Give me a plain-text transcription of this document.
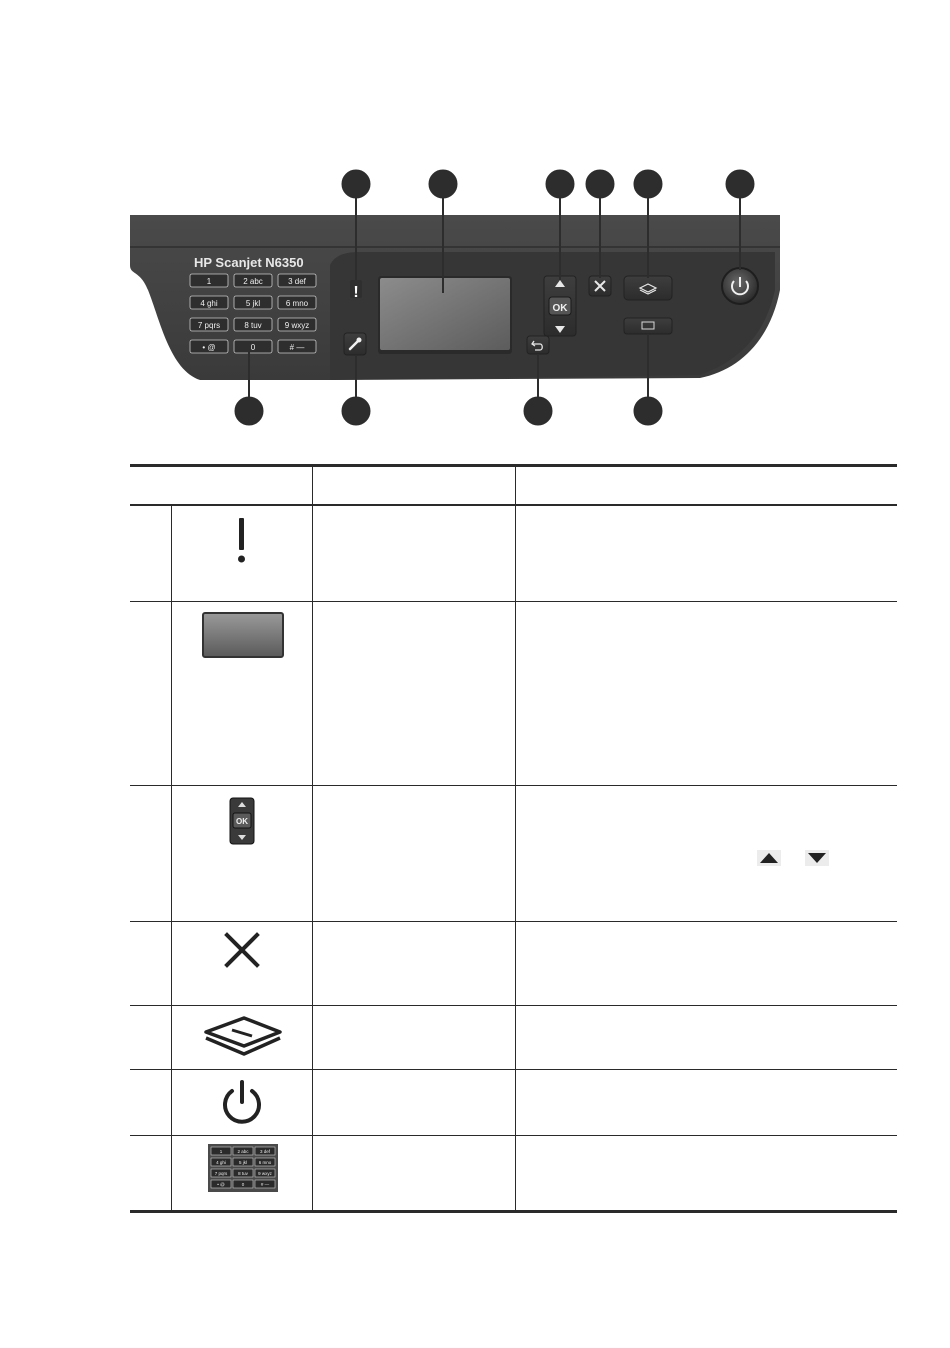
HP Scanjet N6350
1	2 abc	3 def
4 ghi	5 jkl	6 mno
7 pqrs	8 tuv	9 wxyz
• @	0	# —
!
OK
OK
1	2 abc	3 def
4 ghi	5 jkl	6 mno
7 pqrs 8 tuv 9 wxyz
• @	0	# —
